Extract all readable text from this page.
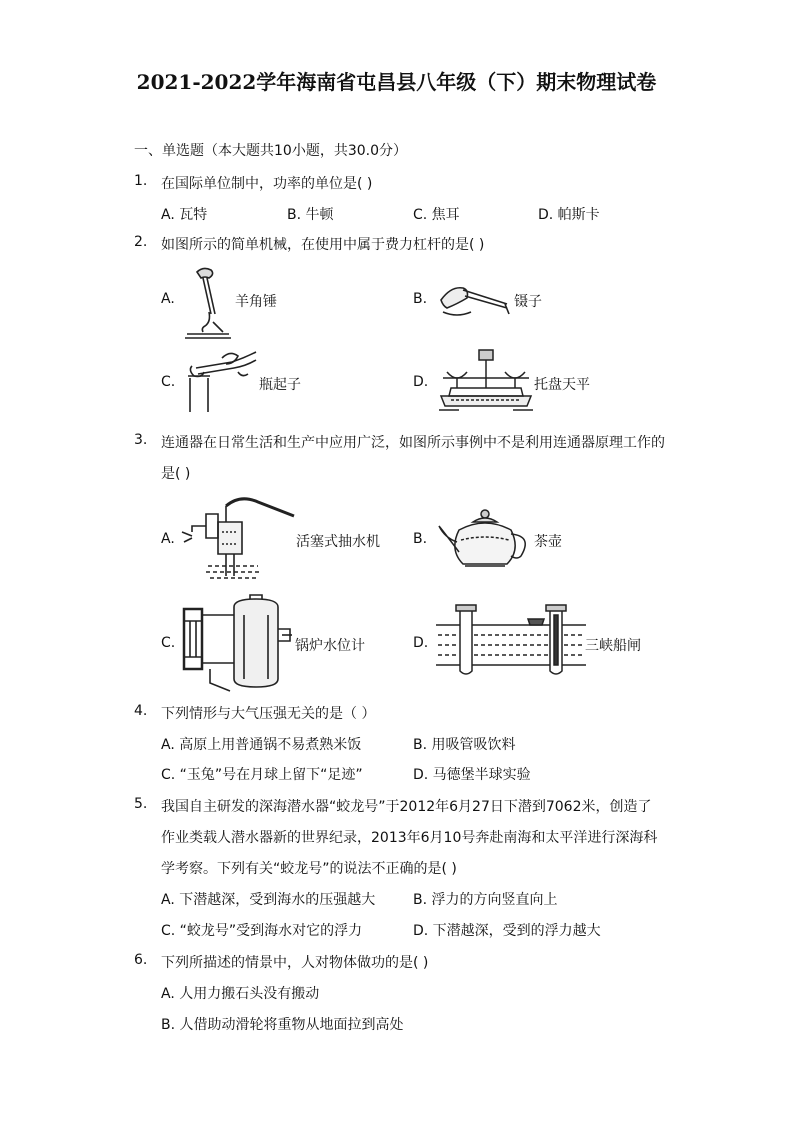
2021-2022学年海南省屯昌县八年级（下）期末物理试卷
一、单选题（本大题共10小题，共30.0分）
1. 在国际单位制中，功率的单位是( )
A. 瓦特	B. 牛顿	C. 焦耳	D. 帕斯卡
2. 如图所示的简单机械，在使用中属于费力杠杆的是( )
A.	羊角锤	B.	镊子
C.	瓶起子	D.	托盘天平
3. 连通器在日常生活和生产中应用广泛，如图所示事例中不是利用连通器原理工作的
是( )
A.	活塞式抽水机 B.	茶壶
C.	锅炉水位计	D.	三峡船闸
4. 下列情形与大气压强无关的是（ ）
A. 高原上用普通锅不易煮熟米饭	B. 用吸管吸饮料
C. “玉兔”号在月球上留下“足迹”	D. 马德堡半球实验
5. 我国自主研发的深海潜水器“蛟龙号”于2012年6月27日下潜到7062米，创造了
作业类载人潜水器新的世界纪录，2013年6月10号奔赴南海和太平洋进行深海科
学考察。下列有关“蛟龙号”的说法不正确的是( )
A. 下潜越深，受到海水的压强越大	B. 浮力的方向竖直向上
C. “蛟龙号”受到海水对它的浮力	D. 下潜越深，受到的浮力越大
6. 下列所描述的情景中，人对物体做功的是( )
A. 人用力搬石头没有搬动
B. 人借助动滑轮将重物从地面拉到高处
